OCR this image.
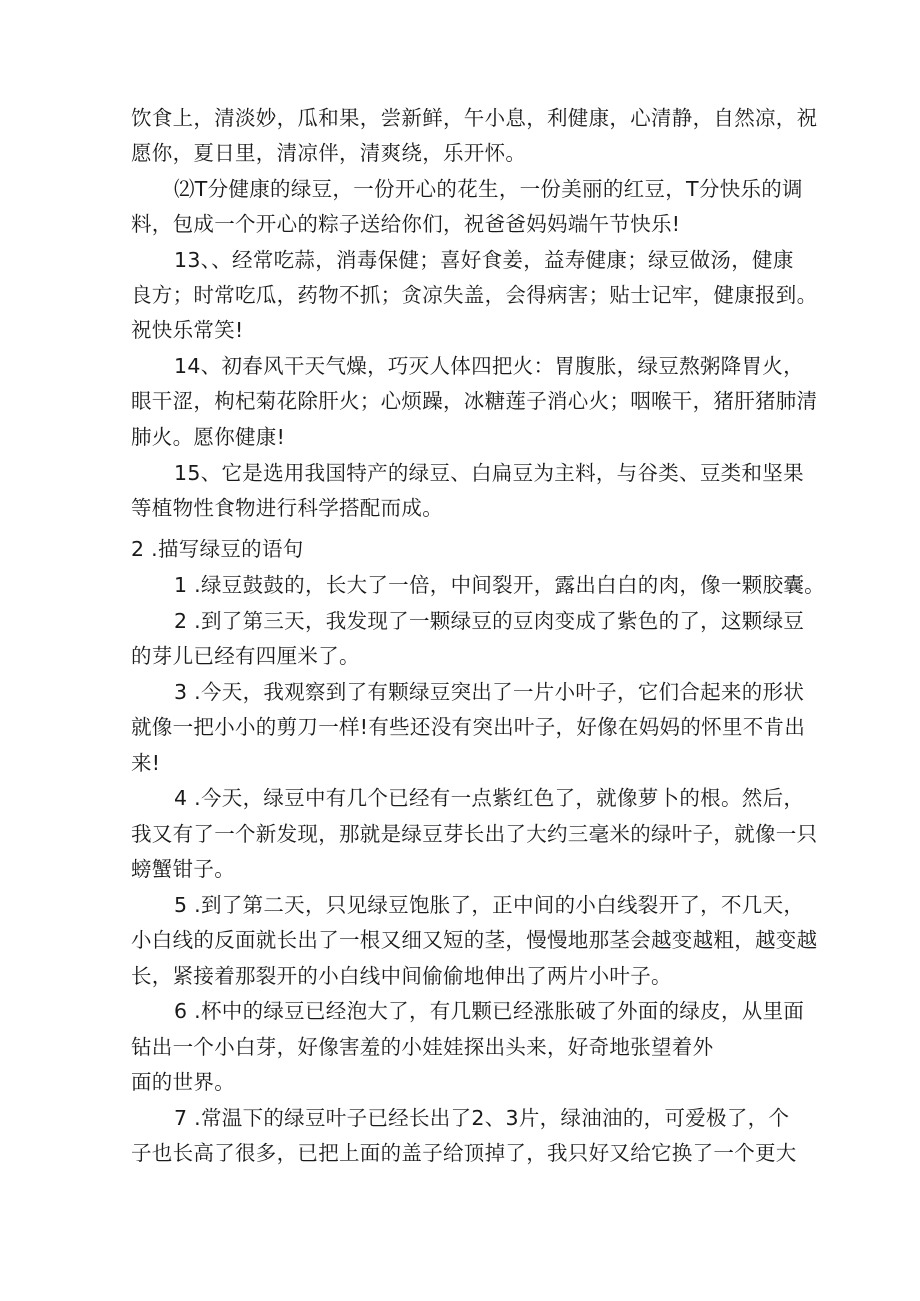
饮食上，清淡妙，瓜和果，尝新鲜，午小息，利健康，心清静，自然凉，祝
愿你，夏日里，清凉伴，清爽绕，乐开怀。
⑵T分健康的绿豆，一份开心的花生，一份美丽的红豆，T分快乐的调
料，包成一个开心的粽子送给你们，祝爸爸妈妈端午节快乐!
13、、经常吃蒜，消毒保健；喜好食姜，益寿健康；绿豆做汤，健康
良方；时常吃瓜，药物不抓；贪凉失盖，会得病害；贴士记牢，健康报到。
祝快乐常笑!
14、初春风干天气燥，巧灭人体四把火：胃腹胀，绿豆熬粥降胃火，
眼干涩，枸杞菊花除肝火；心烦躁，冰糖莲子消心火；咽喉干，猪肝猪肺清
肺火。愿你健康!
15、它是选用我国特产的绿豆、白扁豆为主料，与谷类、豆类和坚果
等植物性食物进行科学搭配而成。
2 .描写绿豆的语句
1 .绿豆鼓鼓的，长大了一倍，中间裂开，露出白白的肉，像一颗胶囊。
2 .到了第三天，我发现了一颗绿豆的豆肉变成了紫色的了，这颗绿豆
的芽儿已经有四厘米了。
3 .今天，我观察到了有颗绿豆突出了一片小叶子，它们合起来的形状
就像一把小小的剪刀一样!有些还没有突出叶子，好像在妈妈的怀里不肯出
来!
4 .今天，绿豆中有几个已经有一点紫红色了，就像萝卜的根。然后，
我又有了一个新发现，那就是绿豆芽长出了大约三毫米的绿叶子，就像一只
螃蟹钳子。
5 .到了第二天，只见绿豆饱胀了，正中间的小白线裂开了，不几天，
小白线的反面就长出了一根又细又短的茎，慢慢地那茎会越变越粗，越变越
长，紧接着那裂开的小白线中间偷偷地伸出了两片小叶子。
6 .杯中的绿豆已经泡大了，有几颗已经涨胀破了外面的绿皮，从里面
钻出一个小白芽，好像害羞的小娃娃探出头来，好奇地张望着外
面的世界。
7 .常温下的绿豆叶子已经长出了2、3片，绿油油的，可爱极了，个
子也长高了很多，已把上面的盖子给顶掉了，我只好又给它换了一个更大
